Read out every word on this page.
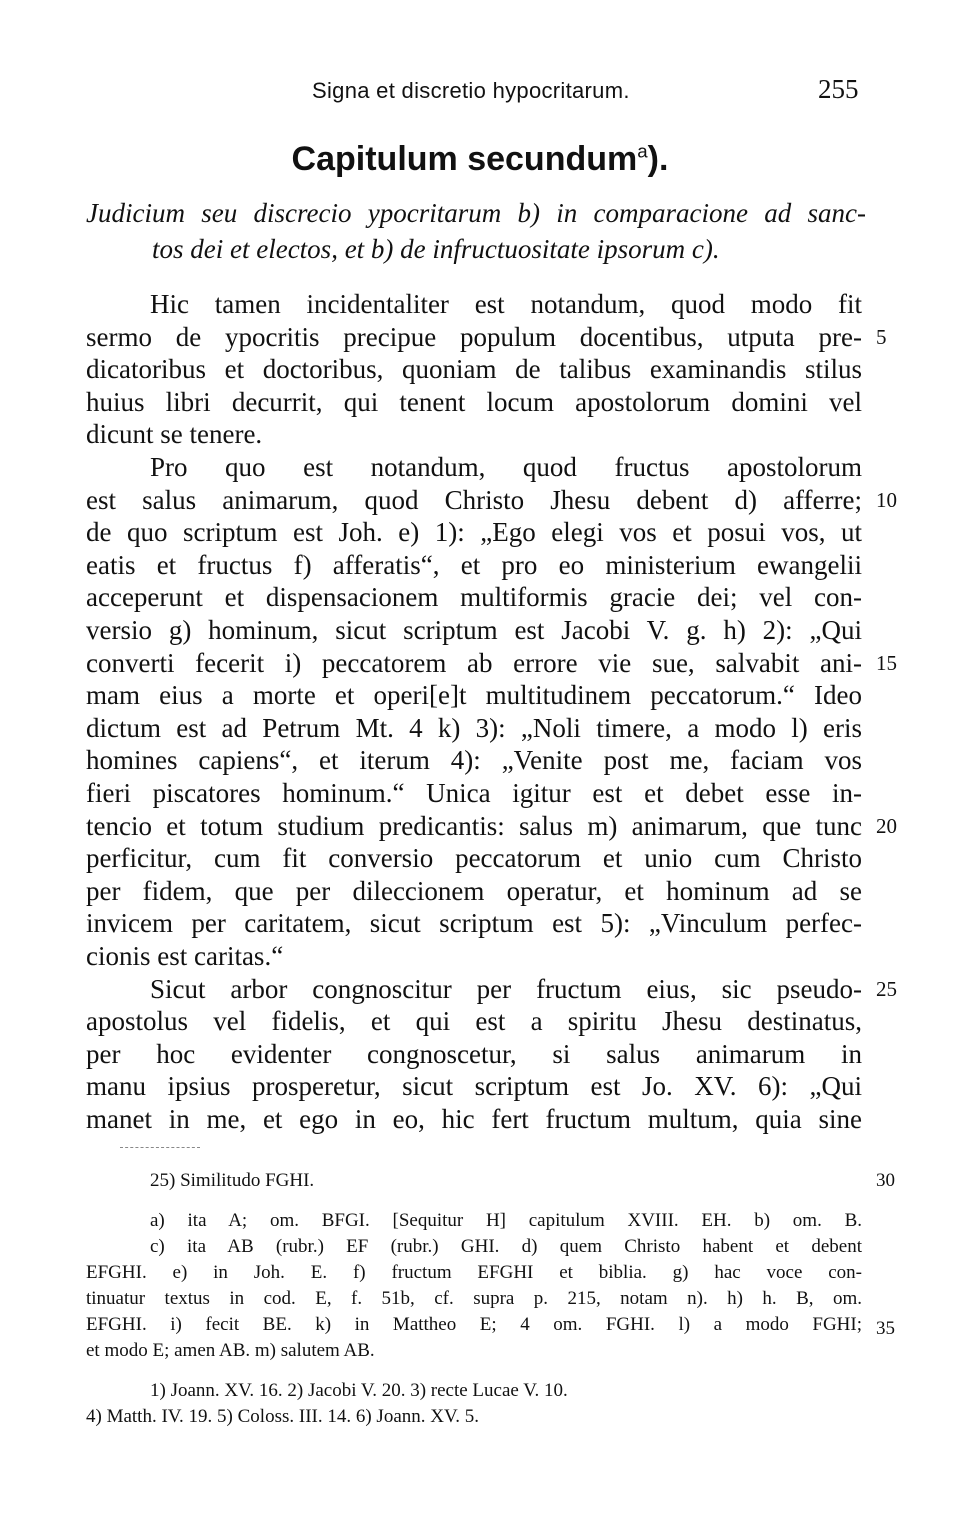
Signa et discretio hypocritarum.	255
Capitulum secundum$^a$).
Judicium seu discrecio ypocritarum b) in comparacione ad sanc-
tos dei et electos, et b) de infructuositate ipsorum c).
Hic tamen incidentaliter est notandum, quod modo fit
sermo de ypocritis precipue populum docentibus, utputa pre-
dicatoribus et doctoribus, quoniam de talibus examinandis stilus
huius libri decurrit, qui tenent locum apostolorum domini vel
dicunt se tenere.
Pro quo est notandum, quod fructus apostolorum
est salus animarum, quod Christo Jhesu debent d) afferre;
de quo scriptum est Joh. e) 1): „Ego elegi vos et posui vos, ut
eatis et fructus f) afferatis“, et pro eo ministerium ewangelii
acceperunt et dispensacionem multiformis gracie dei; vel con-
versio g) hominum, sicut scriptum est Jacobi V. g. h) 2): „Qui
converti fecerit i) peccatorem ab errore vie sue, salvabit ani-
mam eius a morte et operi[e]t multitudinem peccatorum.“ Ideo
dictum est ad Petrum Mt. 4 k) 3): „Noli timere, a modo l) eris
homines capiens“, et iterum 4): „Venite post me, faciam vos
fieri piscatores hominum.“ Unica igitur est et debet esse in-
tencio et totum studium predicantis: salus m) animarum, que tunc
perficitur, cum fit conversio peccatorum et unio cum Christo
per fidem, que per dileccionem operatur, et hominum ad se
invicem per caritatem, sicut scriptum est 5): „Vinculum perfec-
cionis est caritas.“
Sicut arbor congnoscitur per fructum eius, sic pseudo-
apostolus vel fidelis, et qui est a spiritu Jhesu destinatus,
per hoc evidenter congnoscetur, si salus animarum in
manu ipsius prosperetur, sicut scriptum est Jo. XV. 6): „Qui
manet in me, et ego in eo, hic fert fructum multum, quia sine
5
10
15
20
25
25) Similitudo FGHI.
a) ita A; om. BFGI. [Sequitur H] capitulum XVIII. EH. b) om. B.
c) ita AB (rubr.) EF (rubr.) GHI. d) quem Christo habent et debent
EFGHI. e) in Joh. E. f) fructum EFGHI et biblia. g) hac voce con-
tinuatur textus in cod. E, f. 51b, cf. supra p. 215, notam n). h) h. B, om.
EFGHI. i) fecit BE. k) in Mattheo E; 4 om. FGHI. l) a modo FGHI;
et modo E; amen AB. m) salutem AB.
1) Joann. XV. 16. 2) Jacobi V. 20. 3) recte Lucae V. 10.
4) Matth. IV. 19. 5) Coloss. III. 14. 6) Joann. XV. 5.
30
35
